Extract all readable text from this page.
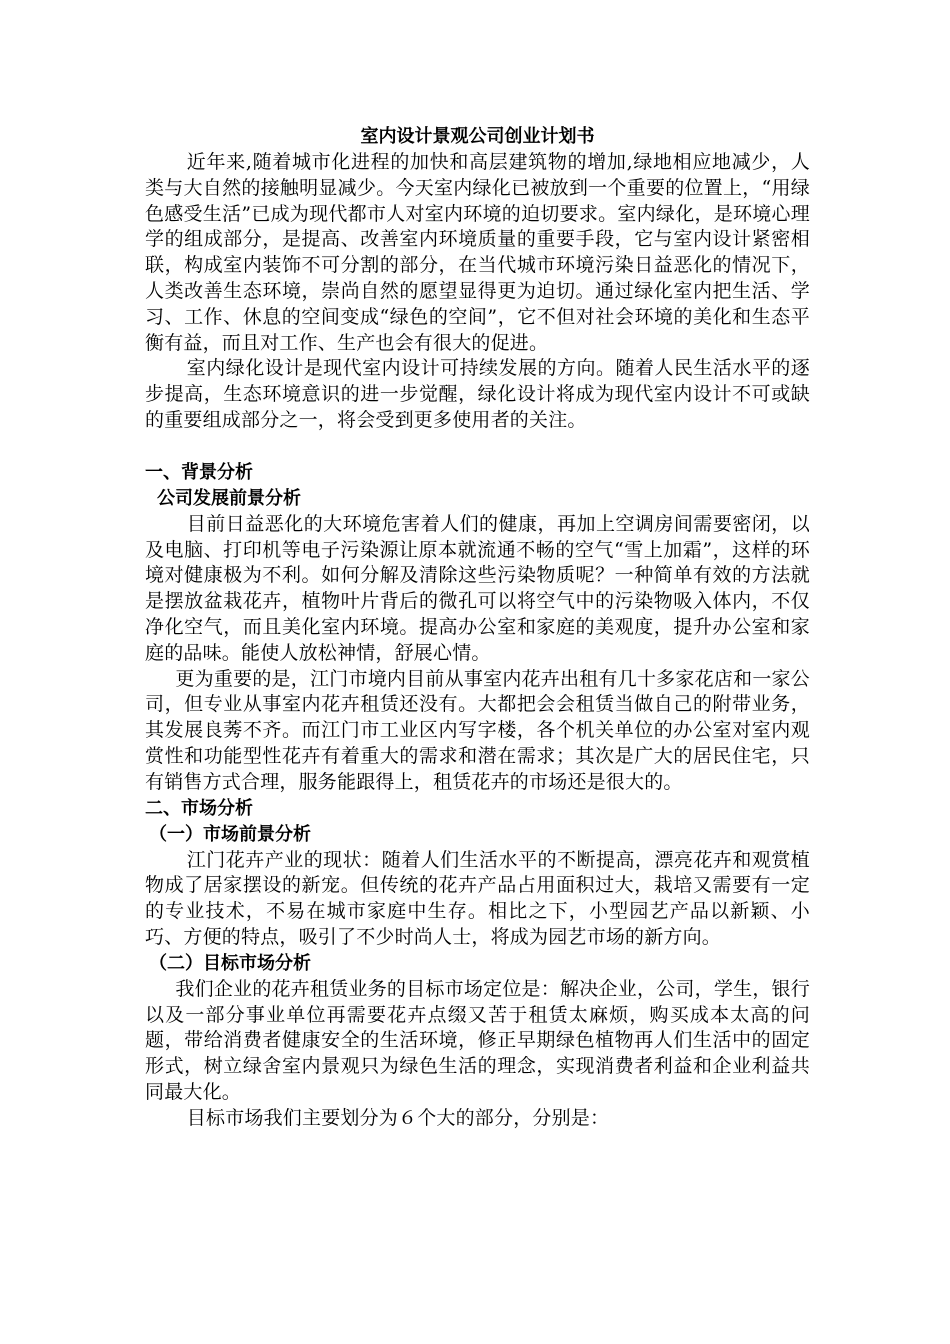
室内设计景观公司创业计划书

近年来,随着城市化进程的加快和高层建筑物的增加,绿地相应地减少，人类与大自然的接触明显减少。今天室内绿化已被放到一个重要的位置上，“用绿色感受生活”已成为现代都市人对室内环境的迫切要求。室内绿化，是环境心理学的组成部分，是提高、改善室内环境质量的重要手段，它与室内设计紧密相联，构成室内装饰不可分割的部分，在当代城市环境污染日益恶化的情况下，人类改善生态环境，崇尚自然的愿望显得更为迫切。通过绿化室内把生活、学习、工作、休息的空间变成“绿色的空间”，它不但对社会环境的美化和生态平衡有益，而且对工作、生产也会有很大的促进。

室内绿化设计是现代室内设计可持续发展的方向。随着人民生活水平的逐步提高，生态环境意识的进一步觉醒，绿化设计将成为现代室内设计不可或缺的重要组成部分之一，将会受到更多使用者的关注。

一、背景分析
公司发展前景分析

目前日益恶化的大环境危害着人们的健康，再加上空调房间需要密闭，以及电脑、打印机等电子污染源让原本就流通不畅的空气“雪上加霜”，这样的环境对健康极为不利。如何分解及清除这些污染物质呢？一种简单有效的方法就是摆放盆栽花卉，植物叶片背后的微孔可以将空气中的污染物吸入体内，不仅净化空气，而且美化室内环境。提高办公室和家庭的美观度，提升办公室和家庭的品味。能使人放松神情，舒展心情。

更为重要的是，江门市境内目前从事室内花卉出租有几十多家花店和一家公司，但专业从事室内花卉租赁还没有。大都把会会租赁当做自己的附带业务，其发展良莠不齐。而江门市工业区内写字楼，各个机关单位的办公室对室内观赏性和功能型性花卉有着重大的需求和潜在需求；其次是广大的居民住宅，只有销售方式合理，服务能跟得上，租赁花卉的市场还是很大的。

二、市场分析
（一）市场前景分析

江门花卉产业的现状：随着人们生活水平的不断提高，漂亮花卉和观赏植物成了居家摆设的新宠。但传统的花卉产品占用面积过大，栽培又需要有一定的专业技术，不易在城市家庭中生存。相比之下，小型园艺产品以新颖、小巧、方便的特点，吸引了不少时尚人士，将成为园艺市场的新方向。

（二）目标市场分析

我们企业的花卉租赁业务的目标市场定位是：解决企业，公司，学生，银行以及一部分事业单位再需要花卉点缀又苦于租赁太麻烦，购买成本太高的问题，带给消费者健康安全的生活环境，修正早期绿色植物再人们生活中的固定形式，树立绿舍室内景观只为绿色生活的理念，实现消费者利益和企业利益共同最大化。

目标市场我们主要划分为６个大的部分，分别是：
